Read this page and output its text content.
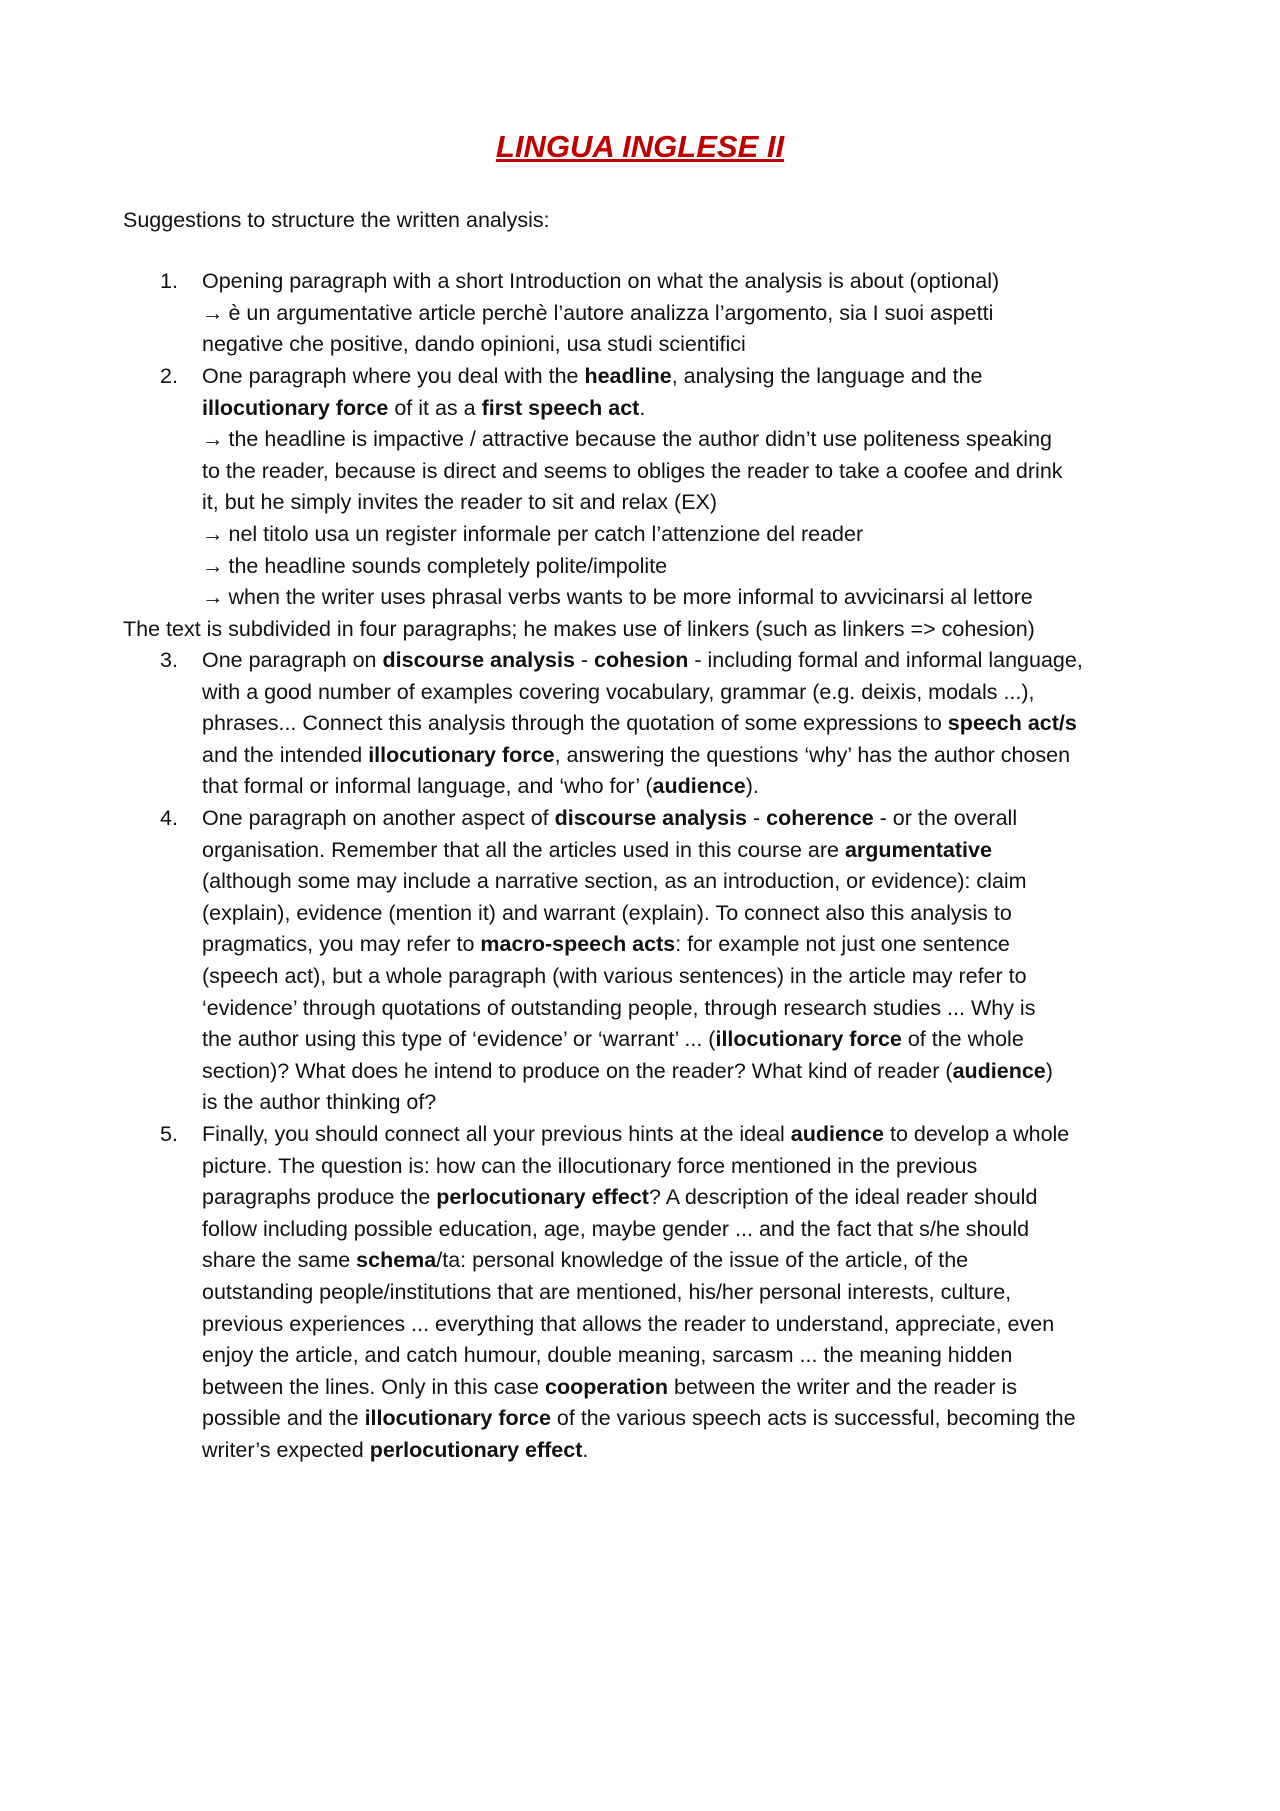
LINGUA INGLESE II
Suggestions to structure the written analysis:
1.	Opening paragraph with a short Introduction on what the analysis is about (optional)
→ è un argumentative article perchè l’autore analizza l’argomento, sia I suoi aspetti
negative che positive, dando opinioni, usa studi scientifici
2.	One paragraph where you deal with the headline, analysing the language and the
illocutionary force of it as a first speech act.
→ the headline is impactive / attractive because the author didn’t use politeness speaking
to the reader, because is direct and seems to obliges the reader to take a coofee and drink
it, but he simply invites the reader to sit and relax (EX)
→ nel titolo usa un register informale per catch l’attenzione del reader
→ the headline sounds completely polite/impolite
→ when the writer uses phrasal verbs wants to be more informal to avvicinarsi al lettore
The text is subdivided in four paragraphs; he makes use of linkers (such as linkers => cohesion)
3.	One paragraph on discourse analysis - cohesion - including formal and informal language,
with a good number of examples covering vocabulary, grammar (e.g. deixis, modals ...),
phrases... Connect this analysis through the quotation of some expressions to speech act/s
and the intended illocutionary force, answering the questions ‘why’ has the author chosen
that formal or informal language, and ‘who for’ (audience).
4.	One paragraph on another aspect of discourse analysis - coherence - or the overall
organisation. Remember that all the articles used in this course are argumentative
(although some may include a narrative section, as an introduction, or evidence): claim
(explain), evidence (mention it) and warrant (explain). To connect also this analysis to
pragmatics, you may refer to macro-speech acts: for example not just one sentence
(speech act), but a whole paragraph (with various sentences) in the article may refer to
‘evidence’ through quotations of outstanding people, through research studies ... Why is
the author using this type of ‘evidence’ or ‘warrant’ ... (illocutionary force of the whole
section)? What does he intend to produce on the reader? What kind of reader (audience)
is the author thinking of?
5.	Finally, you should connect all your previous hints at the ideal audience to develop a whole
picture. The question is: how can the illocutionary force mentioned in the previous
paragraphs produce the perlocutionary effect? A description of the ideal reader should
follow including possible education, age, maybe gender ... and the fact that s/he should
share the same schema/ta: personal knowledge of the issue of the article, of the
outstanding people/institutions that are mentioned, his/her personal interests, culture,
previous experiences ... everything that allows the reader to understand, appreciate, even
enjoy the article, and catch humour, double meaning, sarcasm ... the meaning hidden
between the lines. Only in this case cooperation between the writer and the reader is
possible and the illocutionary force of the various speech acts is successful, becoming the
writer’s expected perlocutionary effect.
